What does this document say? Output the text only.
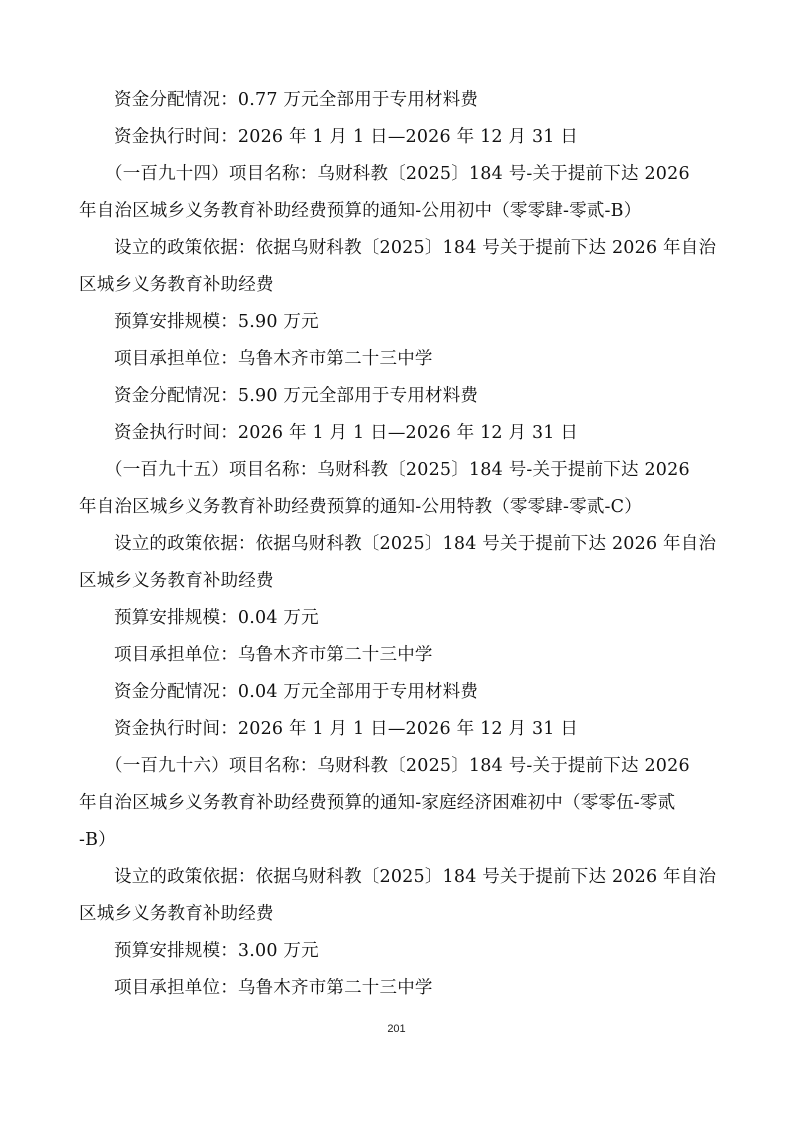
资金分配情况：0.77 万元全部用于专用材料费
资金执行时间：2026 年 1 月 1 日—2026 年 12 月 31 日
（一百九十四）项目名称：乌财科教〔2025〕184 号-关于提前下达 2026
年自治区城乡义务教育补助经费预算的通知-公用初中（零零肆-零贰-B）
设立的政策依据：依据乌财科教〔2025〕184 号关于提前下达 2026 年自治
区城乡义务教育补助经费
预算安排规模：5.90 万元
项目承担单位：乌鲁木齐市第二十三中学
资金分配情况：5.90 万元全部用于专用材料费
资金执行时间：2026 年 1 月 1 日—2026 年 12 月 31 日
（一百九十五）项目名称：乌财科教〔2025〕184 号-关于提前下达 2026
年自治区城乡义务教育补助经费预算的通知-公用特教（零零肆-零贰-C）
设立的政策依据：依据乌财科教〔2025〕184 号关于提前下达 2026 年自治
区城乡义务教育补助经费
预算安排规模：0.04 万元
项目承担单位：乌鲁木齐市第二十三中学
资金分配情况：0.04 万元全部用于专用材料费
资金执行时间：2026 年 1 月 1 日—2026 年 12 月 31 日
（一百九十六）项目名称：乌财科教〔2025〕184 号-关于提前下达 2026
年自治区城乡义务教育补助经费预算的通知-家庭经济困难初中（零零伍-零贰
-B）
设立的政策依据：依据乌财科教〔2025〕184 号关于提前下达 2026 年自治
区城乡义务教育补助经费
预算安排规模：3.00 万元
项目承担单位：乌鲁木齐市第二十三中学
201
